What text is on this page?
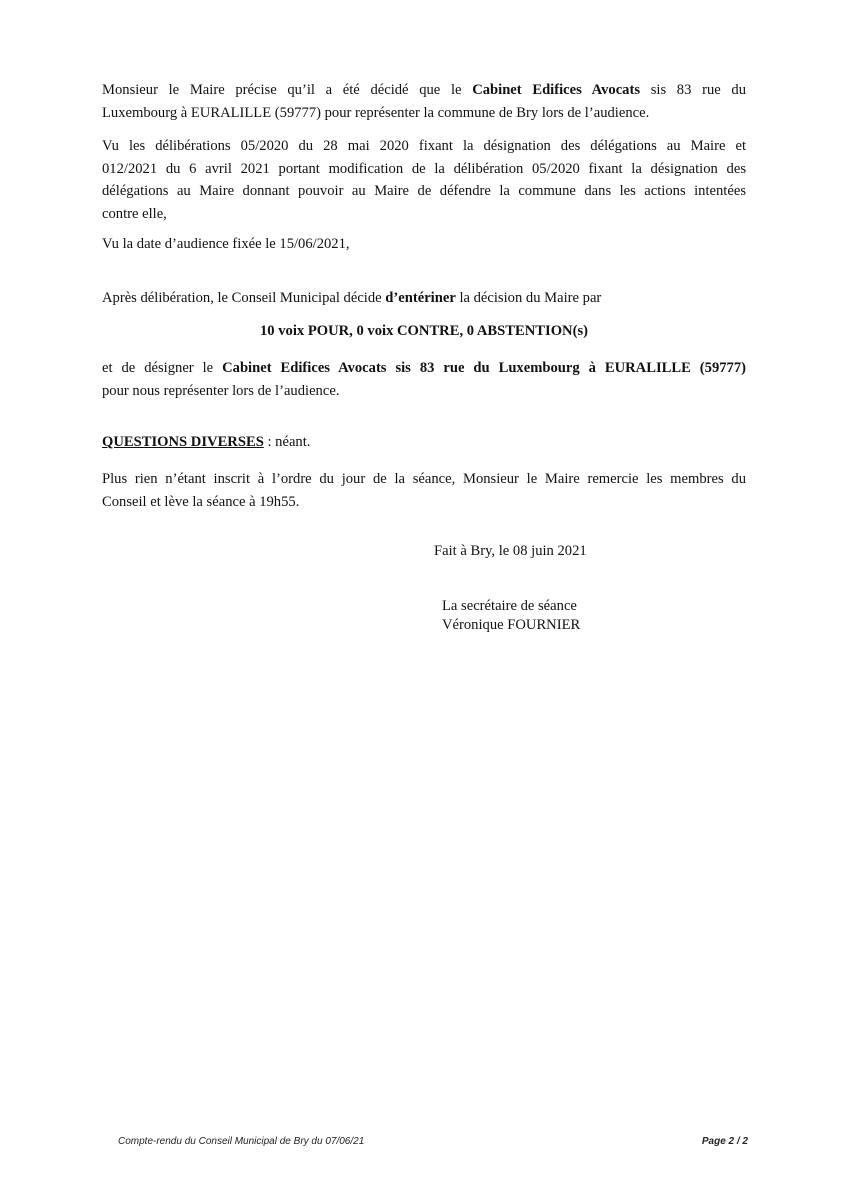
Monsieur le Maire précise qu’il a été décidé que le Cabinet Edifices Avocats sis 83 rue du
Luxembourg à EURALILLE (59777) pour représenter la commune de Bry lors de l’audience.
Vu les délibérations 05/2020 du 28 mai 2020 fixant la désignation des délégations au Maire et
012/2021 du 6 avril 2021 portant modification de la délibération 05/2020 fixant la désignation des
délégations au Maire donnant pouvoir au Maire de défendre la commune dans les actions intentées
contre elle,
Vu la date d’audience fixée le 15/06/2021,
Après délibération, le Conseil Municipal décide d’entériner la décision du Maire par
10 voix POUR, 0 voix CONTRE, 0 ABSTENTION(s)
et de désigner le Cabinet Edifices Avocats sis 83 rue du Luxembourg à EURALILLE (59777)
pour nous représenter lors de l’audience.
QUESTIONS DIVERSES : néant.
Plus rien n’étant inscrit à l’ordre du jour de la séance, Monsieur le Maire remercie les membres du
Conseil et lève la séance à 19h55.
Fait à Bry, le 08 juin 2021
La secrétaire de séance
Véronique FOURNIER
Compte-rendu du Conseil Municipal de Bry du 07/06/21	Page 2 / 2
